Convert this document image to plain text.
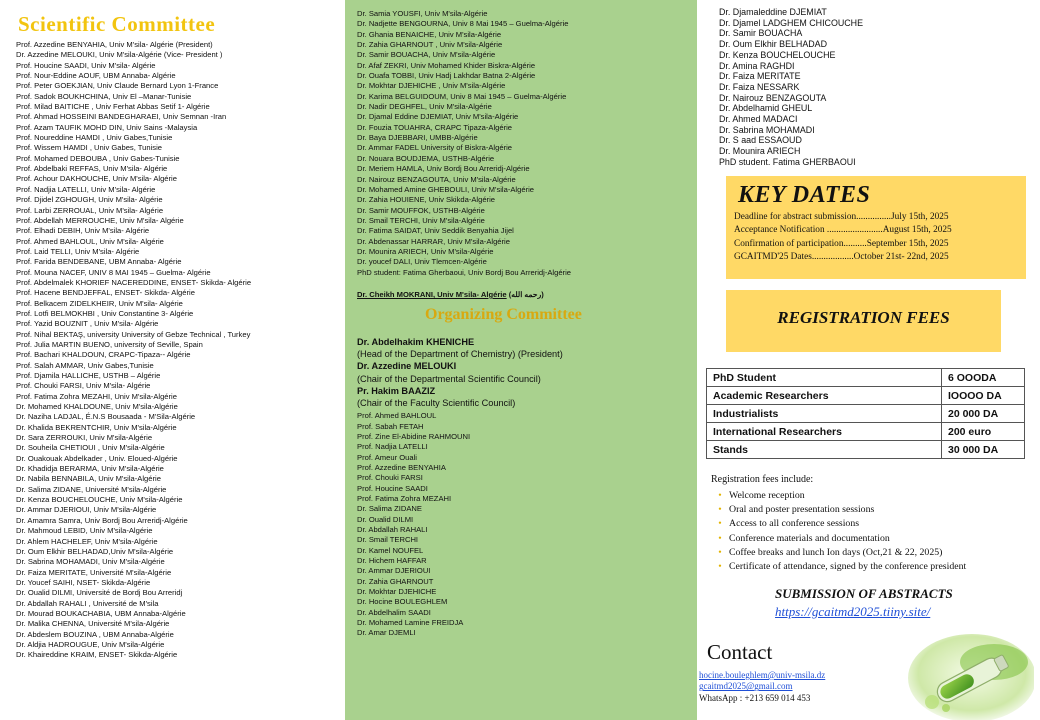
Scientific Committee
Prof. Azzedine BENYAHIA, Univ M'sila- Algérie (President)
Dr. Azzedine MELOUKI, Univ M'sila-Algérie (Vice- President )
Prof. Houcine SAADI, Univ M'sila- Algérie
Prof. Nour-Eddine AOUF, UBM Annaba- Algérie
Prof. Peter GOEKJIAN, Univ Claude Bernard Lyon 1-France
Prof. Sadok BOUKHCHINA, Univ El –Manar-Tunisie
Prof. Milad BAITICHE , Univ Ferhat Abbas Setif 1- Algérie
Prof. Ahmad HOSSEINI BANDEGHARAEI, Univ Semnan -Iran
Prof. Azam TAUFIK MOHD DIN, Univ Sains -Malaysia
Prof. Noureddine HAMDI , Univ Gabes,Tunisie
Prof. Wissem HAMDI , Univ Gabes, Tunisie
Prof. Mohamed DEBOUBA , Univ Gabes-Tunisie
Prof. Abdelbaki REFFAS, Univ M'sila- Algérie
Prof. Achour DAKHOUCHE, Univ M'sila- Algérie
Prof. Nadjia LATELLI, Univ M'sila- Algérie
Prof. Djidel ZGHOUGH, Univ M'sila- Algérie
Prof. Larbi ZERROUAL, Univ M'sila- Algérie
Prof. Abdellah MERROUCHE, Univ M'sila- Algérie
Prof. Elhadi DEBIH, Univ M'sila- Algérie
Prof. Ahmed BAHLOUL, Univ M'sila- Algérie
Prof. Laid TELLI, Univ M'sila- Algérie
Prof. Farida BENDEBANE, UBM Annaba- Algérie
Prof. Mouna NACEF, UNIV 8 MAI 1945 – Guelma- Algérie
Prof. Abdelmalek KHORIEF NACEREDDINE, ENSET- Skikda- Algérie
Prof. Hacene BENDJEFFAL, ENSET- Skikda- Algérie
Prof. Belkacem ZIDELKHEIR, Univ M'sila- Algérie
Prof. Lotfi BELMOKHBI , Univ Constantine 3- Algérie
Prof. Yazid BOUZNIT , Univ M'sila- Algérie
Prof. Nihal BEKTAŞ, university University of Gebze Technical , Turkey
Prof. Julia MARTIN BUENO, university of Seville, Spain
Prof. Bachari KHALDOUN, CRAPC-Tipaza-- Algérie
Prof. Salah AMMAR, Univ Gabes,Tunisie
Prof. Djamila HALLICHE, USTHB – Algérie
Prof. Chouki FARSI, Univ M'sila- Algérie
Prof. Fatima Zohra MEZAHI, Univ M'sila-Algérie
Dr. Mohamed KHALDOUNE, Univ M'sila-Algérie
Dr. Naziha LADJAL, É.N.S Bousaada - M'Sila-Algérie
Dr. Khalida BEKRENTCHIR, Univ M'sila-Algérie
Dr. Sara ZERROUKI, Univ M'sila-Algérie
Dr. Souheila CHETIOUI , Univ M'sila-Algérie
Dr. Ouakouak Abdelkader , Univ. Eloued-Algérie
Dr. Khadidja BERARMA, Univ M'sila-Algérie
Dr. Nabila BENNABILA, Univ M'sila-Algérie
Dr. Salima ZIDANE, Université M'sila-Algérie
Dr. Kenza BOUCHELOUCHE, Univ M'sila-Algérie
Dr. Ammar DJERIOUI, Univ M'sila-Algérie
Dr. Amamra Samra, Univ Bordj Bou Arreridj-Algérie
Dr. Mahmoud LEBID, Univ M'sila-Algérie
Dr. Ahlem HACHELEF, Univ M'sila-Algérie
Dr. Oum Elkhir BELHADAD,Univ M'sila-Algérie
Dr. Sabrina MOHAMADI, Univ M'sila-Algérie
Dr. Faiza MERITATE, Université M'sila-Algérie
Dr. Youcef SAIHI, NSET- Skikda-Algérie
Dr. Oualid DILMI, Université de Bordj Bou Arreridj
Dr. Abdallah RAHALI , Université de M'sila
Dr. Mourad BOUKACHABIA, UBM Annaba-Algérie
Dr. Malika CHENNA, Université M'sila-Algérie
Dr. Abdeslem BOUZINA , UBM Annaba-Algérie
Dr. Aldjia HADROUGUE, Univ M'sila-Algérie
Dr. Khaireddine KRAIM, ENSET- Skikda-Algérie
Dr. Samia YOUSFI, Univ M'sila-Algérie
Dr. Nadjette BENGOURNA, Univ 8 Mai 1945 – Guelma-Algérie
Dr. Ghania BENAICHE, Univ M'sila-Algérie
Dr. Zahia GHARNOUT , Univ M'sila-Algérie
Dr. Samir BOUACHA, Univ M'sila-Algérie
Dr. Afaf ZEKRI, Univ Mohamed Khider Biskra-Algérie
Dr. Ouafa TOBBI, Univ Hadj Lakhdar Batna 2-Algérie
Dr. Mokhtar DJEHICHE , Univ M'sila-Algérie
Dr. Karima BELGUIDOUM, Univ 8 Mai 1945 – Guelma-Algérie
Dr. Nadir DEGHFEL, Univ M'sila-Algérie
Dr. Djamal Eddine DJEMIAT, Univ M'sila-Algérie
Dr. Fouzia TOUAHRA, CRAPC Tipaza-Algérie
Dr. Baya DJEBBARI, UMBB-Algérie
Dr. Ammar FADEL University of Biskra-Algérie
Dr. Nouara BOUDJEMA, USTHB-Algérie
Dr. Meriem HAMLA, Univ Bordj Bou Arreridj-Algérie
Dr. Nairouz BENZAGOUTA, Univ M'sila-Algérie
Dr. Mohamed Amine GHEBOULI, Univ M'sila-Algérie
Dr. Zahia HOUIENE, Univ Skikda-Algérie
Dr. Samir MOUFFOK, USTHB-Algérie
Dr. Smail TERCHI, Univ M'sila-Algérie
Dr. Fatima SAIDAT, Univ Seddik Benyahia Jijel
Dr. Abdenassar HARRAR, Univ M'sila-Algérie
Dr. Mounira ARIECH, Univ M'sila-Algérie
Dr. youcef DALI, Univ Tlemcen-Algérie
PhD student: Fatima Gherbaoui, Univ Bordj Bou Arreridj-Algérie
Dr. Cheikh MOKRANI, Univ M'sila- Algérie (رحمه الله)
Organizing Committee
Dr. Abdelhakim KHENICHE
(Head of the Department of Chemistry) (President)
Dr. Azzedine MELOUKI
(Chair of the Departmental Scientific Council)
Pr. Hakim BAAZIZ
(Chair of the Faculty Scientific Council)
Prof. Ahmed BAHLOUL
Prof. Sabah FETAH
Prof. Zine El-Abidine RAHMOUNI
Prof. Nadjia LATELLI
Prof. Ameur Ouali
Prof. Azzedine BENYAHIA
Prof. Chouki FARSI
Prof. Houcine SAADI
Prof. Fatima Zohra MEZAHI
Dr. Salima ZIDANE
Dr. Oualid DILMI
Dr. Abdallah RAHALI
Dr. Smail TERCHI
Dr. Kamel NOUFEL
Dr. Hichem HAFFAR
Dr. Ammar DJERIOUI
Dr. Zahia GHARNOUT
Dr. Mokhtar DJEHICHE
Dr. Hocine BOULEGHLEM
Dr. Abdelhalim SAADI
Dr. Mohamed Lamine FREIDJA
Dr. Amar DJEMLI
Dr. Djamaleddine DJEMIAT
Dr. Djamel LADGHEM CHICOUCHE
Dr. Samir BOUACHA
Dr. Oum Elkhir BELHADAD
Dr. Kenza BOUCHELOUCHE
Dr. Amina RAGHDI
Dr. Faiza MERITATE
Dr. Faiza NESSARK
Dr. Nairouz BENZAGOUTA
Dr. Abdelhamid GHEUL
Dr. Ahmed MADACI
Dr. Sabrina MOHAMADI
Dr. S aad ESSAOUD
Dr. Mounira ARIECH
PhD student. Fatima GHERBAOUI
KEY DATES
Deadline for abstract submission...............July 15th, 2025
Acceptance Notification ........................August 15th, 2025
Confirmation of participation..........September 15th, 2025
GCAITMD'25 Dates..................October 21st- 22nd, 2025
REGISTRATION FEES
PhD Student	6 OOODA
Academic Researchers	IOOOO DA
Industrialists	20 000 DA
International Researchers	200 euro
Stands	30 000 DA

Registration fees include:

• Welcome reception
• Oral and poster presentation sessions
• Access to all conference sessions
• Conference materials and documentation
• Coffee breaks and lunch Ion days (Oct,21 & 22, 2025)
• Certificate of attendance, signed by the conference president

SUBMISSION OF ABSTRACTS

https://gcaitmd2025.tiiny.site/

Contact

hocine.bouleghlem@univ-msila.dz
gcaitmd2025@gmail.com
WhatsApp : +213 659 014 453
